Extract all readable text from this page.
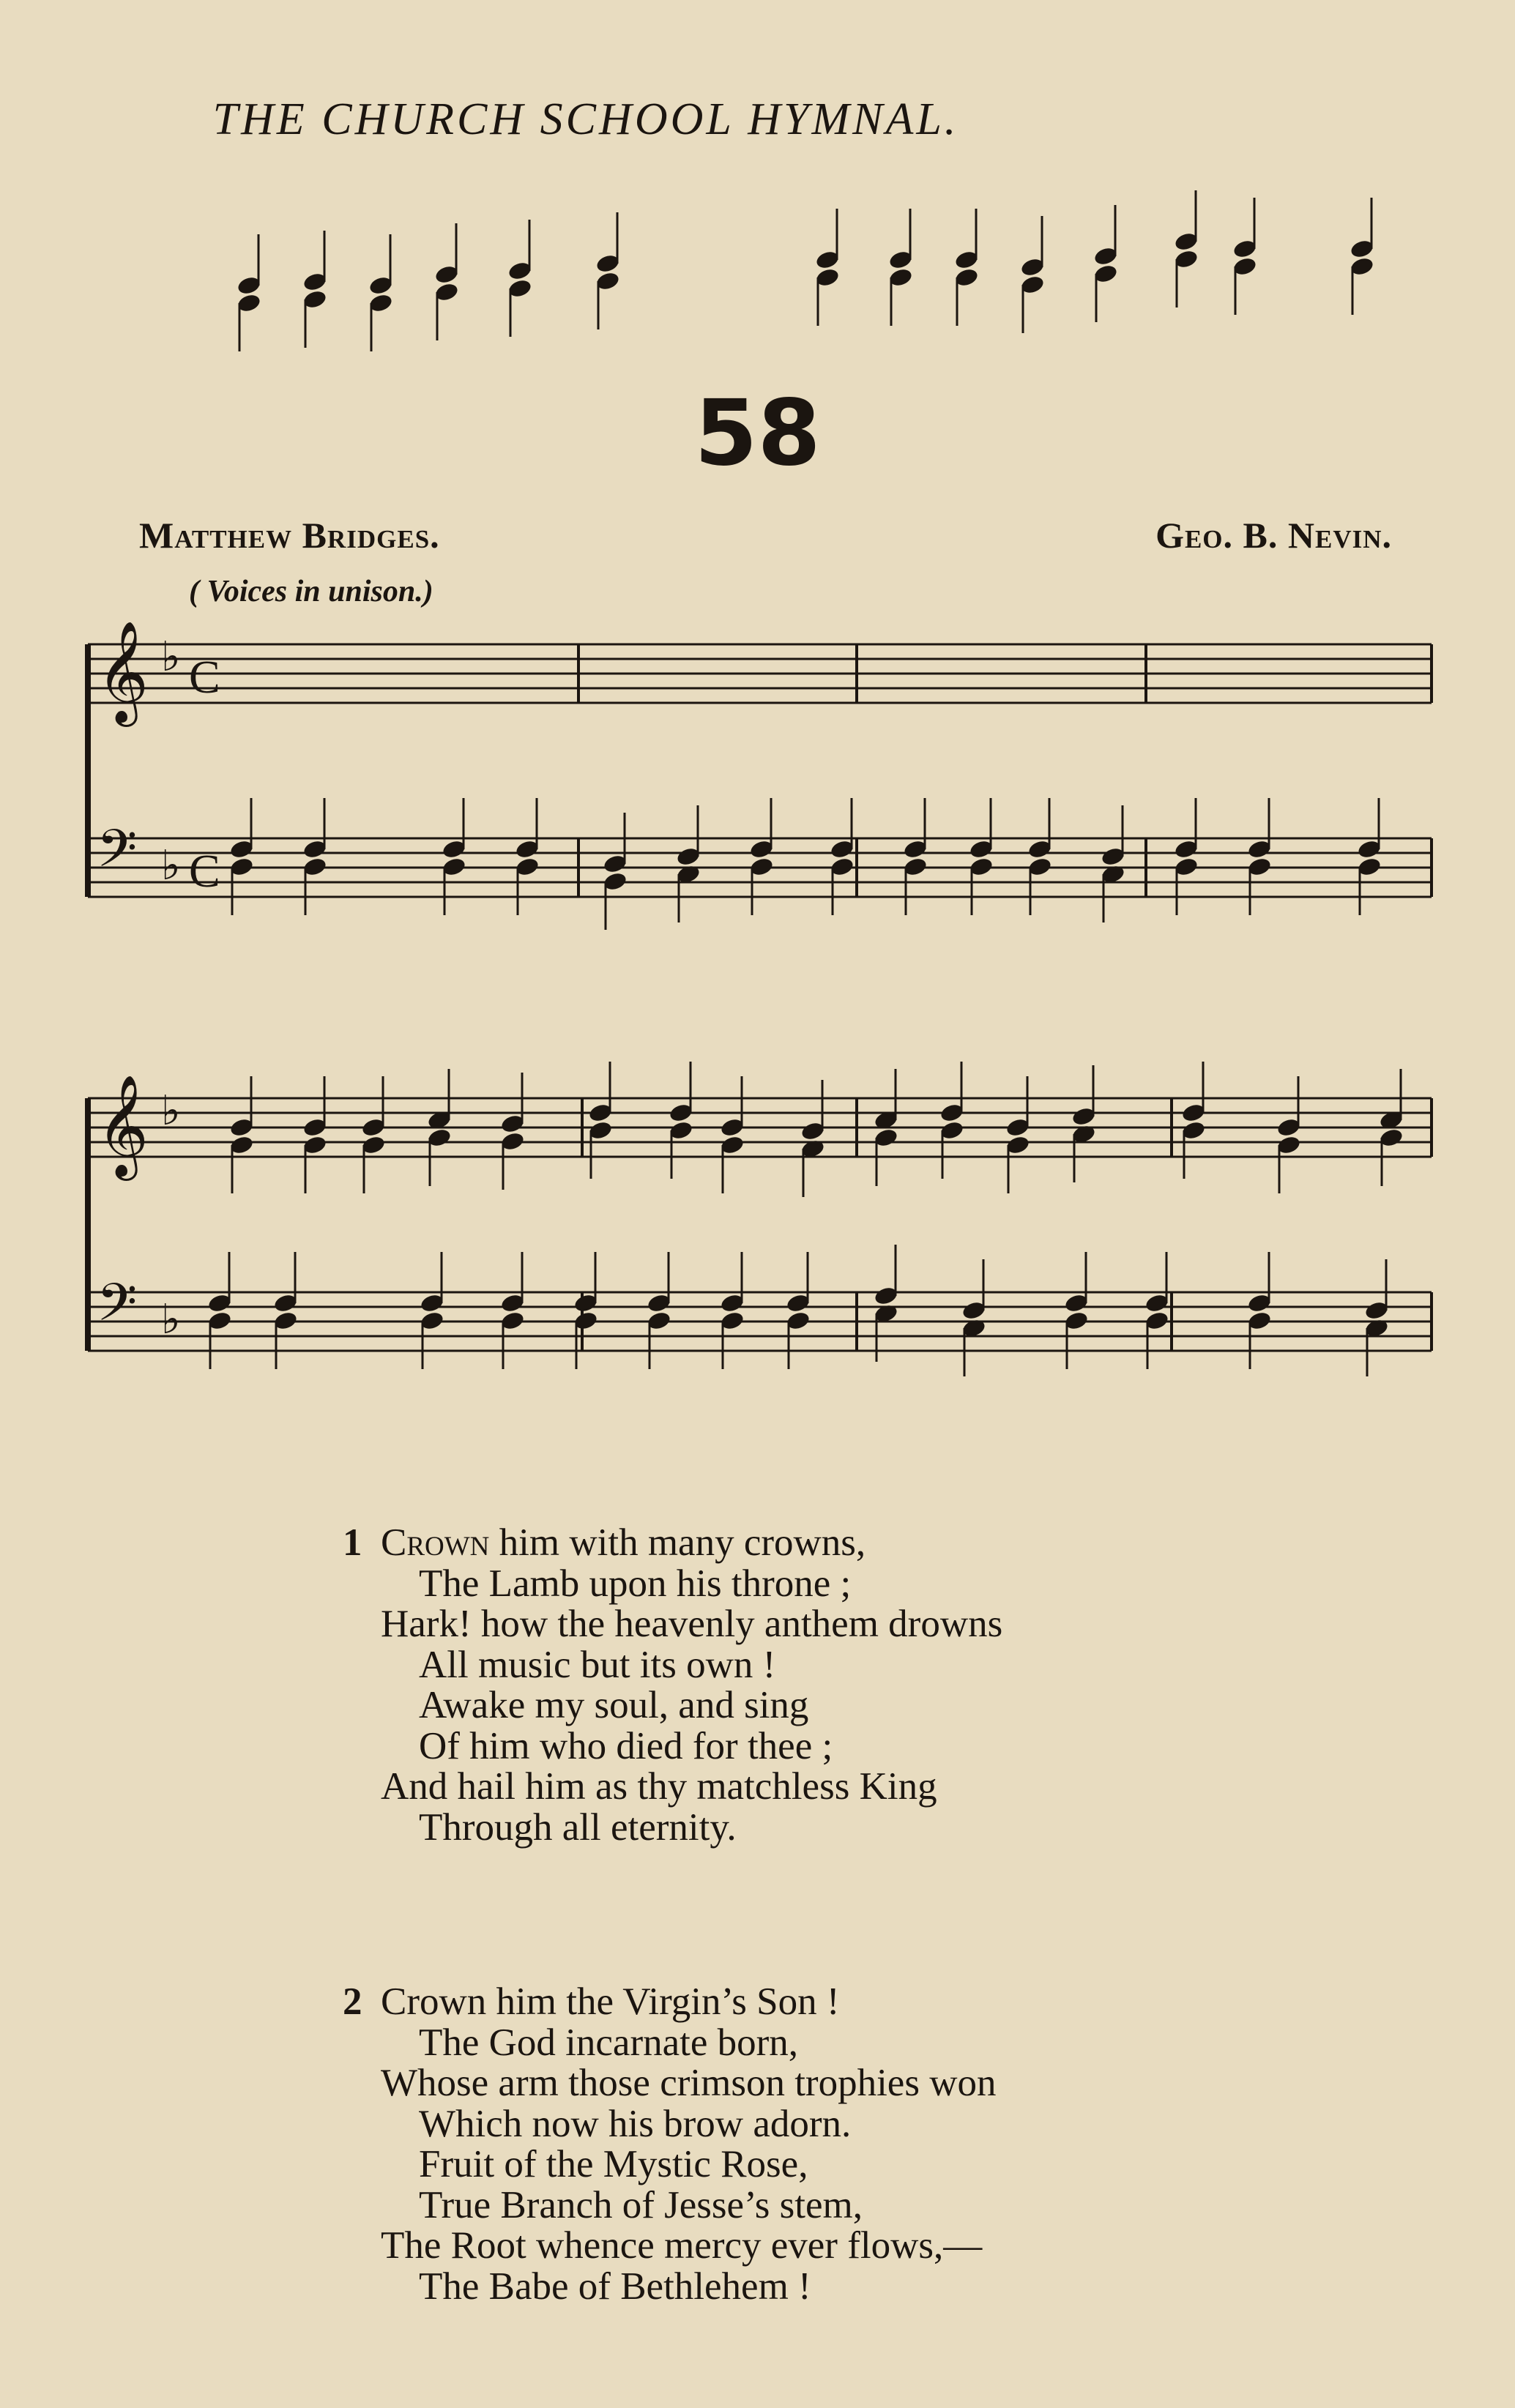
THE CHURCH SCHOOL HYMNAL.
58
Matthew Bridges.	Geo. B. Nevin.
( Voices in unison.)
𝄞 ♭ C
𝄢 ♭ C
𝄞 ♭
𝄢 ♭
1 Crown him with many crowns,
The Lamb upon his throne ;
Hark! how the heavenly anthem drowns
All music but its own !
Awake my soul, and sing
Of him who died for thee ;
And hail him as thy matchless King
Through all eternity.
2 Crown him the Virgin’s Son !
The God incarnate born,
Whose arm those crimson trophies won
Which now his brow adorn.
Fruit of the Mystic Rose,
True Branch of Jesse’s stem,
The Root whence mercy ever flows,—
The Babe of Bethlehem !
